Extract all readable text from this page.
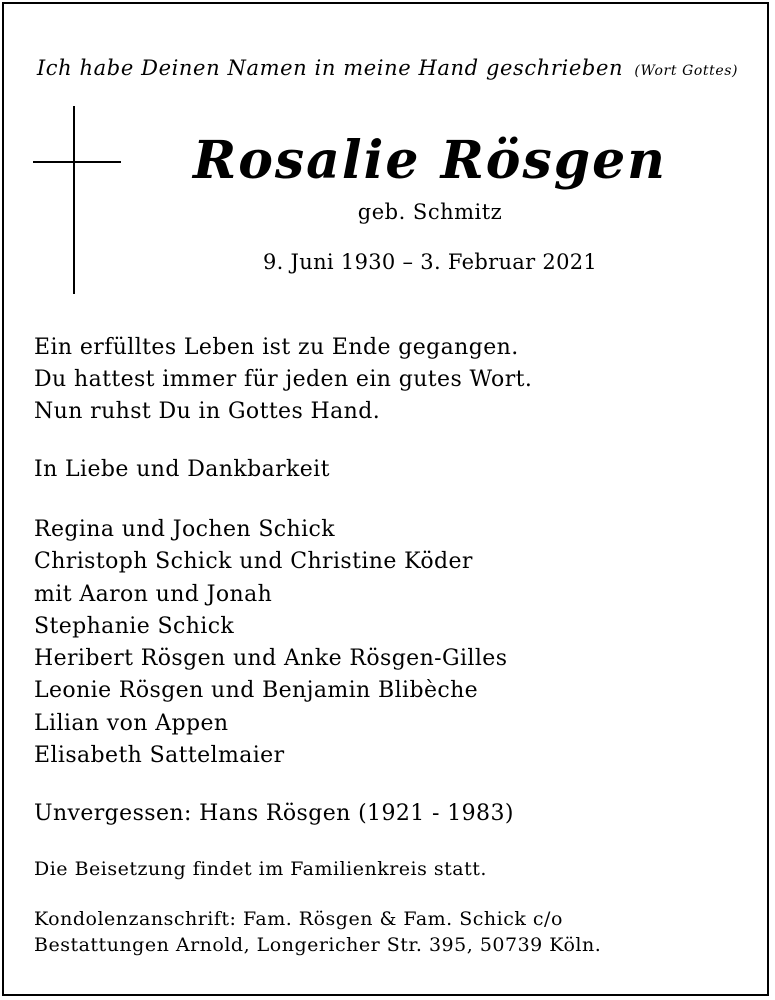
Ich habe Deinen Namen in meine Hand geschrieben (Wort Gottes)
Rosalie Rösgen
geb. Schmitz
9. Juni 1930 – 3. Februar 2021
Ein erfülltes Leben ist zu Ende gegangen.
Du hattest immer für jeden ein gutes Wort.
Nun ruhst Du in Gottes Hand.
In Liebe und Dankbarkeit
Regina und Jochen Schick
Christoph Schick und Christine Köder
mit Aaron und Jonah
Stephanie Schick
Heribert Rösgen und Anke Rösgen-Gilles
Leonie Rösgen und Benjamin Blibèche
Lilian von Appen
Elisabeth Sattelmaier
Unvergessen: Hans Rösgen (1921 - 1983)
Die Beisetzung findet im Familienkreis statt.
Kondolenzanschrift: Fam. Rösgen & Fam. Schick c/o
Bestattungen Arnold, Longericher Str. 395, 50739 Köln.
